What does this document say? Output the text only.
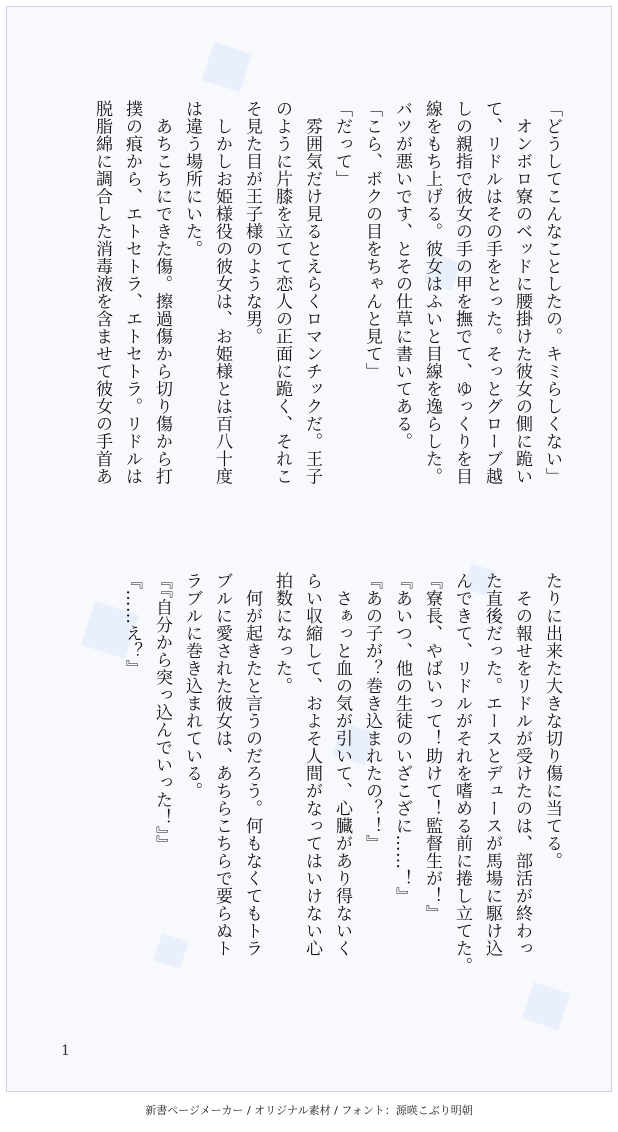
「どうしてこんなことしたの。キミらしくない」

　オンボロ寮のベッドに腰掛けた彼女の側に跪い

て、リドルはその手をとった。そっとグローブ越

しの親指で彼女の手の甲を撫でて、ゆっくりを目

線をもち上げる。彼女はふいと目線を逸らした。

バツが悪いです、とその仕草に書いてある。

「こら、ボクの目をちゃんと見て」

「だって」

　雰囲気だけ見るとえらくロマンチックだ。王子

のように片膝を立てて恋人の正面に跪く、それこ

そ見た目が王子様のような男。

　しかしお姫様役の彼女は、お姫様とは百八十度

は違う場所にいた。

　あちこちにできた傷。擦過傷から切り傷から打

撲の痕から、エトセトラ、エトセトラ。リドルは

脱脂綿に調合した消毒液を含ませて彼女の手首あ

たりに出来た大きな切り傷に当てる。

　その報せをリドルが受けたのは、部活が終わっ

た直後だった。エースとデュースが馬場に駆け込

んできて、リドルがそれを嗜める前に捲し立てた。

『寮長、やばいって！助けて！監督生が！』

『あいつ、他の生徒のいざこざに……！』

『あの子が？巻き込まれたの？！』

　さぁっと血の気が引いて、心臓があり得ないく

らい収縮して、およそ人間がなってはいけない心

拍数になった。

　何が起きたと言うのだろう。何もなくてもトラ

ブルに愛された彼女は、あちらこちらで要らぬト

ラブルに巻き込まれている。

『『自分から突っ込んでいった！』』

『……え？』

1
新書ページメーカー / オリジナル素材 / フォント：源暎こぶり明朝
